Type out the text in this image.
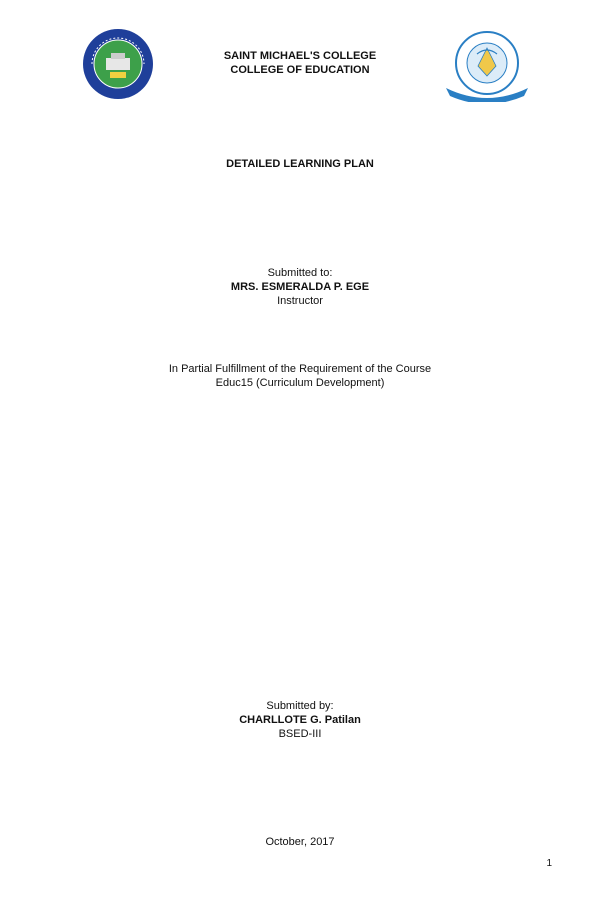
SAINT MICHAEL'S COLLEGE
COLLEGE OF EDUCATION
DETAILED LEARNING PLAN
Submitted to:
MRS. ESMERALDA P. EGE
Instructor
In Partial Fulfillment of the Requirement of the Course
Educ15 (Curriculum Development)
Submitted by:
CHARLLOTE G. Patilan
BSED-III
October, 2017
1
